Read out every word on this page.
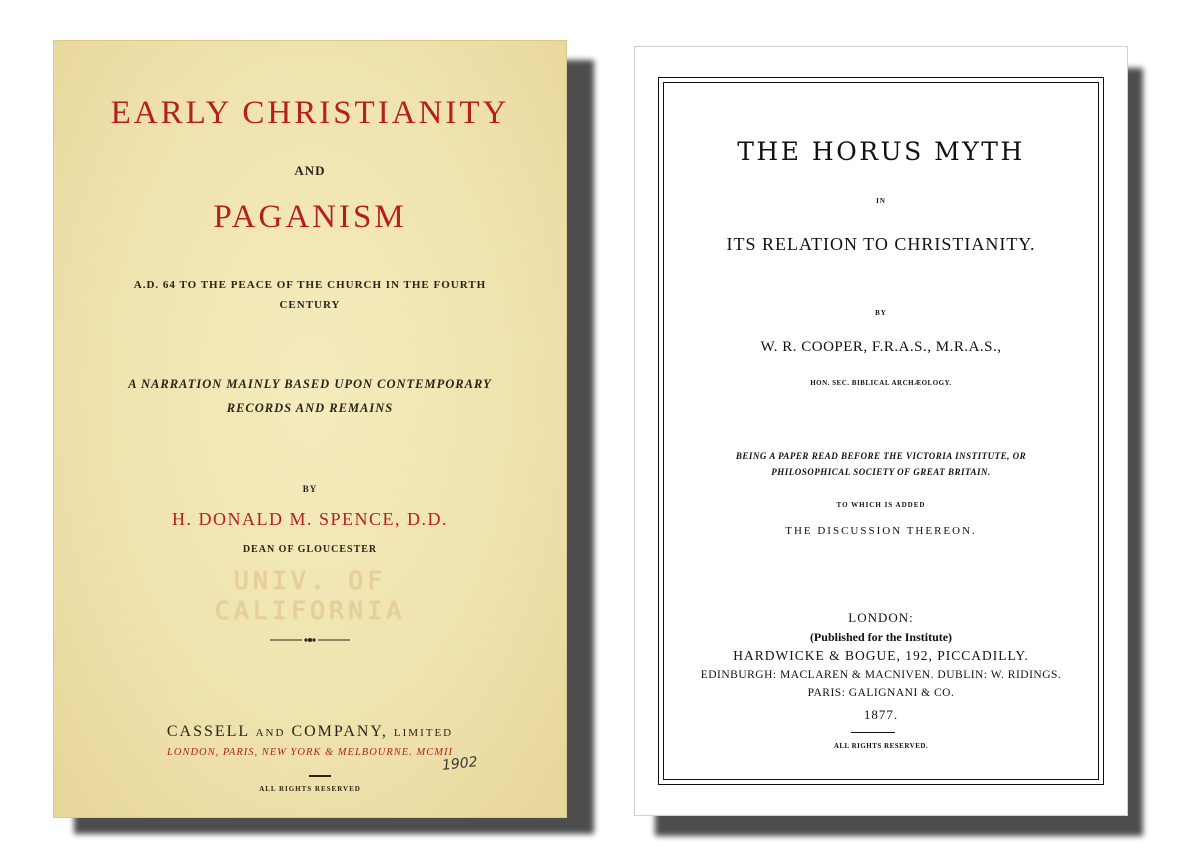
EARLY CHRISTIANITY
AND
PAGANISM
A.D. 64 TO THE PEACE OF THE CHURCH IN THE FOURTH
CENTURY
A NARRATION MAINLY BASED UPON CONTEMPORARY
RECORDS AND REMAINS
BY
H. DONALD M. SPENCE, D.D.
DEAN OF GLOUCESTER
UNIV. OF
CALIFORNIA
CASSELL AND COMPANY, LIMITED
LONDON, PARIS, NEW YORK & MELBOURNE. MCMII
1902
ALL RIGHTS RESERVED
THE HORUS MYTH
IN
ITS RELATION TO CHRISTIANITY.
BY
W. R. COOPER, F.R.A.S., M.R.A.S.,
HON. SEC. BIBLICAL ARCHÆOLOGY.
BEING A PAPER READ BEFORE THE VICTORIA INSTITUTE, OR
PHILOSOPHICAL SOCIETY OF GREAT BRITAIN.
TO WHICH IS ADDED
THE DISCUSSION THEREON.
LONDON:
(Published for the Institute)
HARDWICKE & BOGUE, 192, PICCADILLY.
EDINBURGH: MACLAREN & MACNIVEN. DUBLIN: W. RIDINGS.
PARIS: GALIGNANI & CO.
1877.
ALL RIGHTS RESERVED.
